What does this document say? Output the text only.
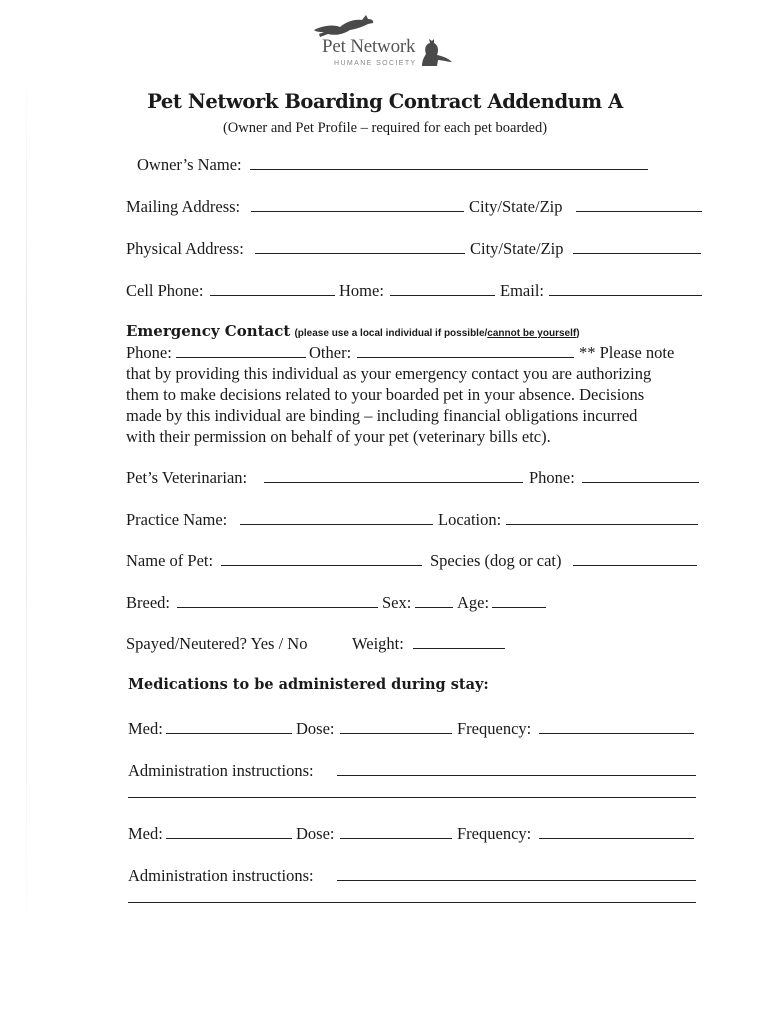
Pet Network
HUMANE SOCIETY
Pet Network Boarding Contract Addendum A
(Owner and Pet Profile – required for each pet boarded)
Owner’s Name:
Mailing Address:	City/State/Zip
Physical Address:	City/State/Zip
Cell Phone:	Home:	Email:
Emergency Contact (please use a local individual if possible/cannot be yourself)
Phone:	Other:	** Please note
that by providing this individual as your emergency contact you are authorizing
them to make decisions related to your boarded pet in your absence. Decisions
made by this individual are binding – including financial obligations incurred
with their permission on behalf of your pet (veterinary bills etc).
Pet’s Veterinarian:	Phone:
Practice Name:	Location:
Name of Pet:	Species (dog or cat)
Breed:	Sex:	Age:
Spayed/Neutered? Yes / No	Weight:
Medications to be administered during stay:
Med:	Dose:	Frequency:
Administration instructions:
Med:	Dose:	Frequency:
Administration instructions:
